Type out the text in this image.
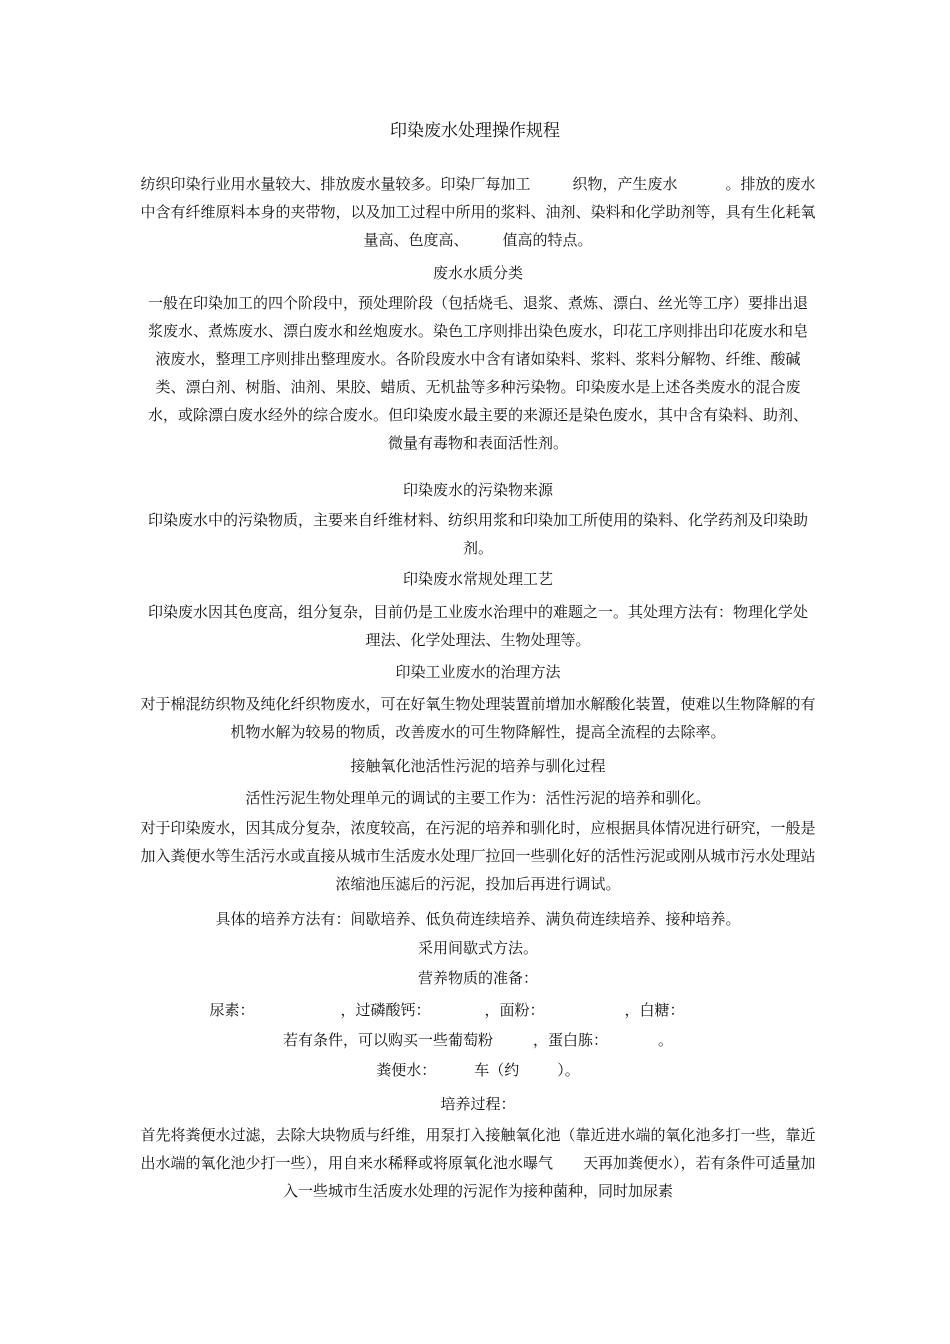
印染废水处理操作规程
纺织印染行业用水量较大、排放废水量较多。印染厂每加工	织物，产生废水	。排放的废水中含有纤维原料本身的夹带物，以及加工过程中所用的浆料、油剂、染料和化学助剂等，具有生化耗氧量高、色度高、 值高的特点。
废水水质分类
一般在印染加工的四个阶段中，预处理阶段（包括烧毛、退浆、煮炼、漂白、丝光等工序）要排出退浆废水、煮炼废水、漂白废水和丝炮废水。染色工序则排出染色废水，印花工序则排出印花废水和皂液废水，整理工序则排出整理废水。各阶段废水中含有诸如染料、浆料、浆料分解物、纤维、酸碱类、漂白剂、树脂、油剂、果胶、蜡质、无机盐等多种污染物。印染废水是上述各类废水的混合废水，或除漂白废水经外的综合废水。但印染废水最主要的来源还是染色废水，其中含有染料、助剂、微量有毒物和表面活性剂。
印染废水的污染物来源
印染废水中的污染物质，主要来自纤维材料、纺织用浆和印染加工所使用的染料、化学药剂及印染助剂。
印染废水常规处理工艺
印染废水因其色度高，组分复杂，目前仍是工业废水治理中的难题之一。其处理方法有：物理化学处理法、化学处理法、生物处理等。
印染工业废水的治理方法
对于棉混纺织物及纯化纤织物废水，可在好氧生物处理装置前增加水解酸化装置，使难以生物降解的有机物水解为较易的物质，改善废水的可生物降解性，提高全流程的去除率。
接触氧化池活性污泥的培养与驯化过程
活性污泥生物处理单元的调试的主要工作为：活性污泥的培养和驯化。
对于印染废水，因其成分复杂，浓度较高，在污泥的培养和驯化时，应根据具体情况进行研究，一般是加入粪便水等生活污水或直接从城市生活废水处理厂拉回一些驯化好的活性污泥或刚从城市污水处理站浓缩池压滤后的污泥，投加后再进行调试。
具体的培养方法有：间歇培养、低负荷连续培养、满负荷连续培养、接种培养。
采用间歇式方法。
营养物质的准备：
尿素：	，过磷酸钙：	，面粉：	，白糖：
若有条件，可以购买一些葡萄粉	，蛋白胨：	。
粪便水：	车（约	）。
培养过程：
首先将粪便水过滤，去除大块物质与纤维，用泵打入接触氧化池（靠近进水端的氧化池多打一些，靠近出水端的氧化池少打一些），用自来水稀释或将原氧化池水曝气 天再加粪便水），若有条件可适量加入一些城市生活废水处理的污泥作为接种菌种，同时加尿素
